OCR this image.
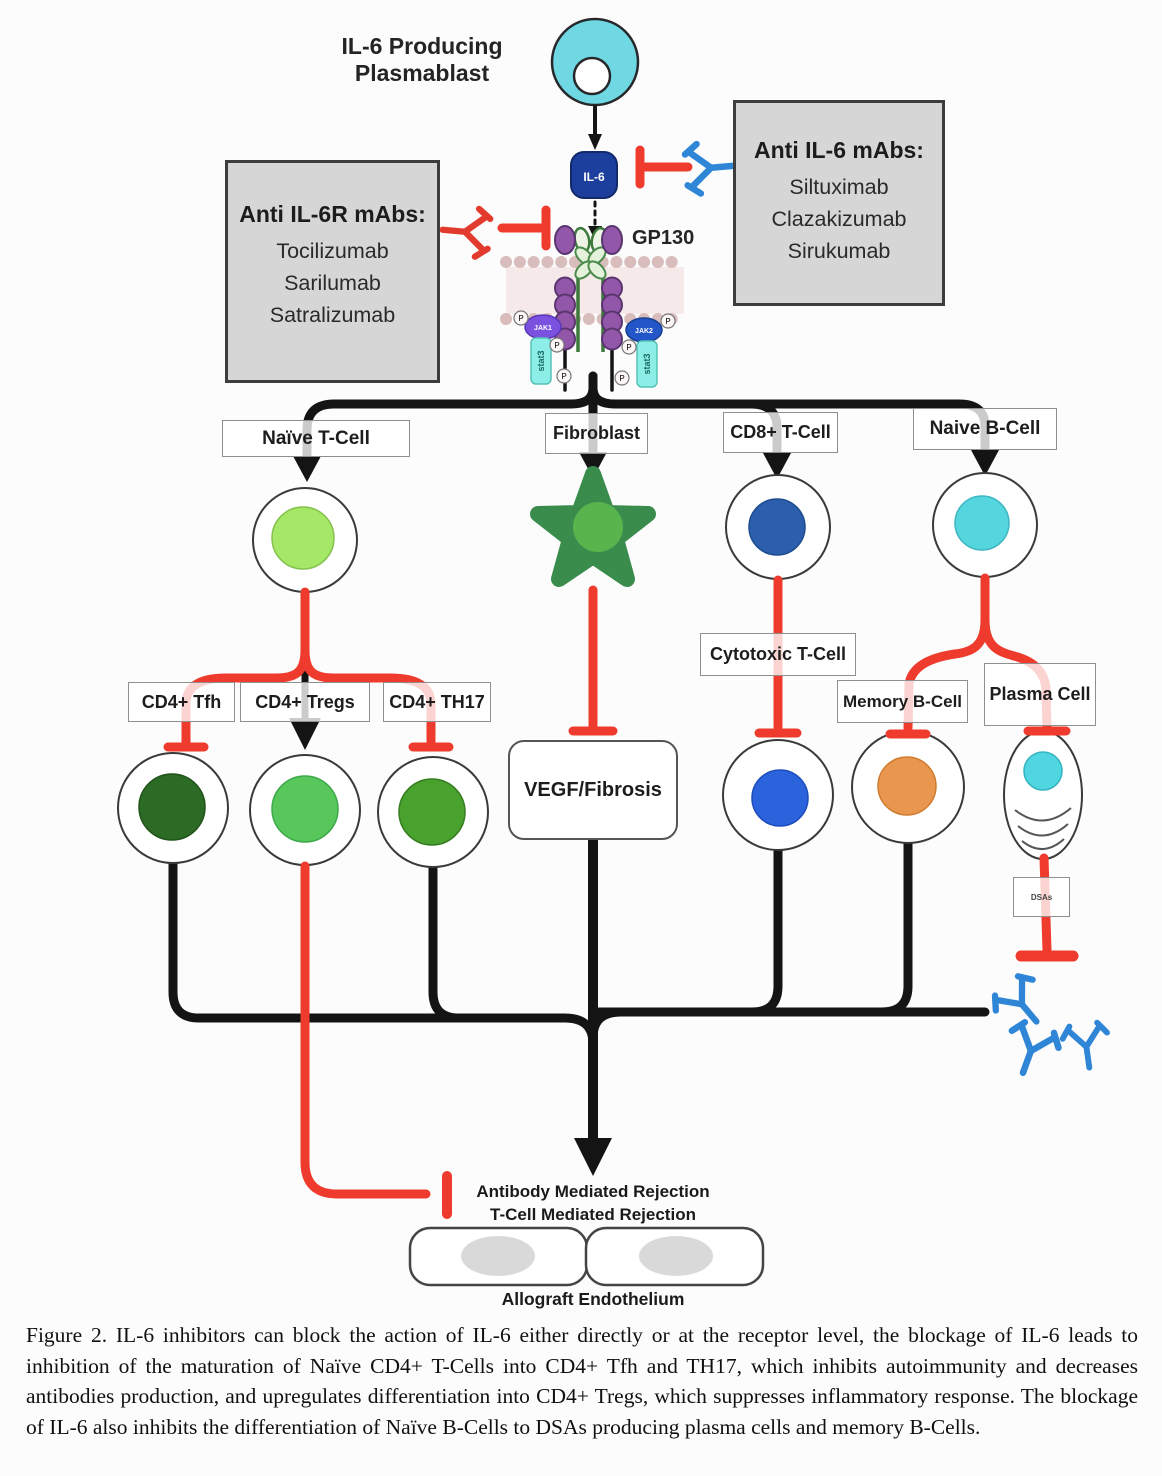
IL-6
JAK1	JAK2
stat3	stat3
P
P
P
P
P
P
IL-6 Producing Plasmablast
GP130
Anti IL-6R mAbs:
Tocilizumab
Sarilumab
Satralizumab
Anti IL-6 mAbs:
Siltuximab
Clazakizumab
Sirukumab
Naïve T-Cell	Fibroblast	CD8+ T-Cell	Naive B-Cell
CD4+ Tfh	CD4+ Tregs	CD4+ TH17
Cytotoxic T-Cell
Memory B-Cell	Plasma Cell
DSAs
VEGF/Fibrosis
Antibody Mediated Rejection
T-Cell Mediated Rejection
Allograft Endothelium
Figure 2. IL-6 inhibitors can block the action of IL-6 either directly or at the receptor level, the blockage of IL-6 leads to inhibition of the maturation of Naïve CD4+ T-Cells into CD4+ Tfh and TH17, which inhibits autoimmunity and decreases antibodies production, and upregulates differentiation into CD4+ Tregs, which suppresses inflammatory response. The blockage of IL-6 also inhibits the differentiation of Naïve B-Cells to DSAs producing plasma cells and memory B-Cells.
